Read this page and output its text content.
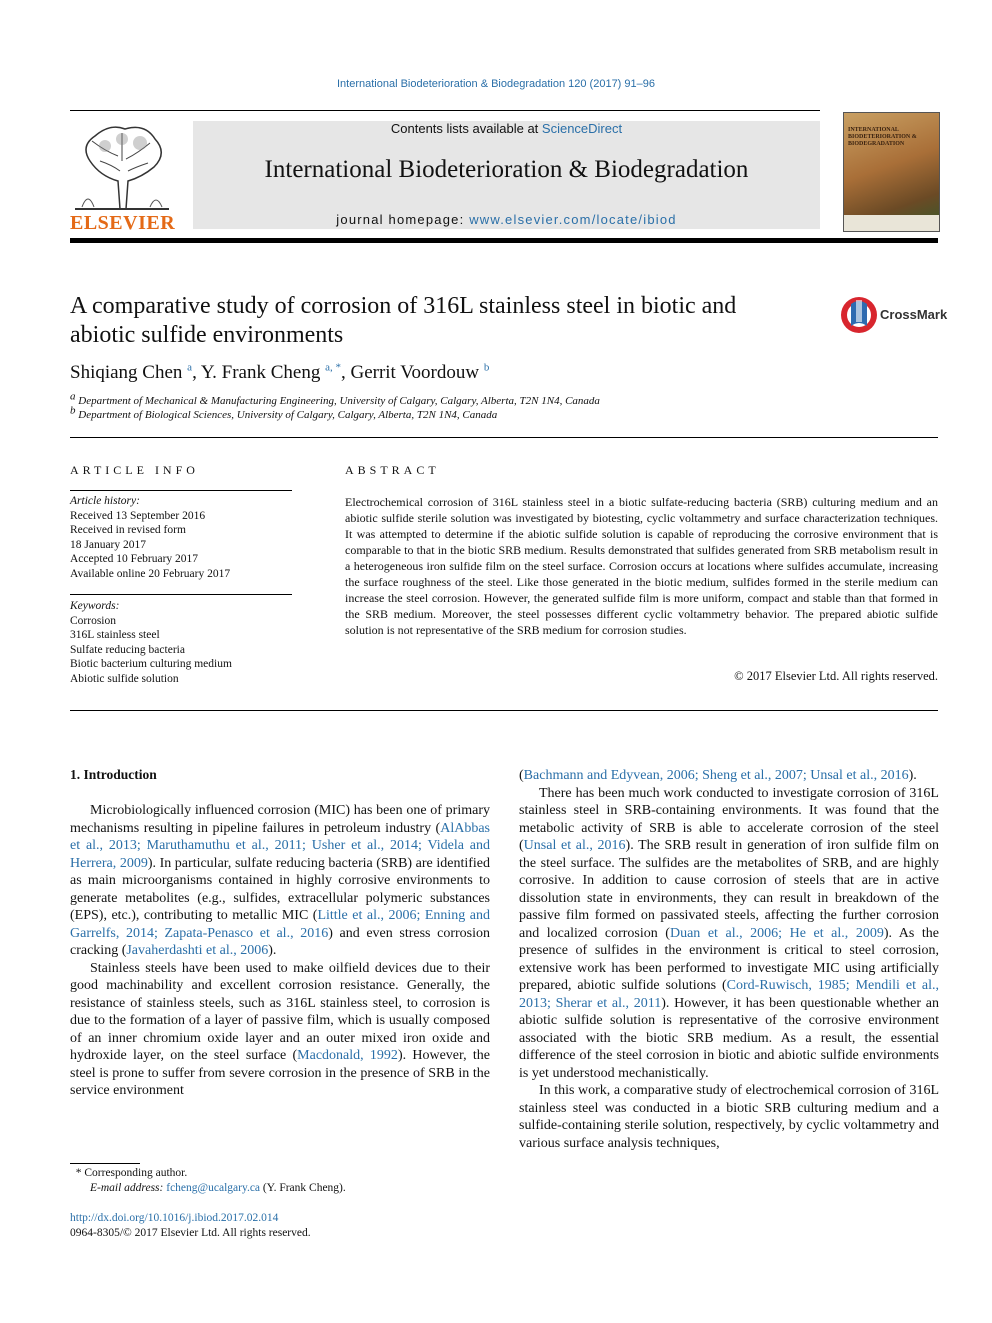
International Biodeterioration & Biodegradation 120 (2017) 91–96
ELSEVIER
Contents lists available at ScienceDirect
International Biodeterioration & Biodegradation
journal homepage: www.elsevier.com/locate/ibiod
INTERNATIONAL BIODETERIORATION & BIODEGRADATION
A comparative study of corrosion of 316L stainless steel in biotic and
abiotic sulfide environments
CrossMark
Shiqiang Chen $^a$, Y. Frank Cheng $^{a, *}$, Gerrit Voordouw $^b$
$^a$ Department of Mechanical & Manufacturing Engineering, University of Calgary, Calgary, Alberta, T2N 1N4, Canada
$^b$ Department of Biological Sciences, University of Calgary, Calgary, Alberta, T2N 1N4, Canada
ARTICLE INFO
Article history:
Received 13 September 2016
Received in revised form
18 January 2017
Accepted 10 February 2017
Available online 20 February 2017
Keywords:
Corrosion
316L stainless steel
Sulfate reducing bacteria
Biotic bacterium culturing medium
Abiotic sulfide solution
ABSTRACT
Electrochemical corrosion of 316L stainless steel in a biotic sulfate-reducing bacteria (SRB) culturing medium and an abiotic sulfide sterile solution was investigated by biotesting, cyclic voltammetry and surface characterization techniques. It was attempted to determine if the abiotic sulfide solution is capable of reproducing the corrosive environment that is comparable to that in the biotic SRB medium. Results demonstrated that sulfides generated from SRB metabolism result in a heterogeneous iron sulfide film on the steel surface. Corrosion occurs at locations where sulfides accumulate, increasing the surface roughness of the steel. Like those generated in the biotic medium, sulfides formed in the sterile medium can increase the steel corrosion. However, the generated sulfide film is more uniform, compact and stable than that formed in the SRB medium. Moreover, the steel possesses different cyclic voltammetry behavior. The prepared abiotic sulfide solution is not representative of the SRB medium for corrosion studies.
© 2017 Elsevier Ltd. All rights reserved.
1. Introduction

Microbiologically influenced corrosion (MIC) has been one of primary mechanisms resulting in pipeline failures in petroleum industry (AlAbbas et al., 2013; Maruthamuthu et al., 2011; Usher et al., 2014; Videla and Herrera, 2009). In particular, sulfate reducing bacteria (SRB) are identified as main microorganisms contained in highly corrosive environments to generate metabolites (e.g., sulfides, extracellular polymeric substances (EPS), etc.), contributing to metallic MIC (Little et al., 2006; Enning and Garrelfs, 2014; Zapata-Penasco et al., 2016) and even stress corrosion cracking (Javaherdashti et al., 2006).

Stainless steels have been used to make oilfield devices due to their good machinability and excellent corrosion resistance. Generally, the resistance of stainless steels, such as 316L stainless steel, to corrosion is due to the formation of a layer of passive film, which is usually composed of an inner chromium oxide layer and an outer mixed iron oxide and hydroxide layer, on the steel surface (Macdonald, 1992). However, the steel is prone to suffer from severe corrosion in the presence of SRB in the service environment

(Bachmann and Edyvean, 2006; Sheng et al., 2007; Unsal et al., 2016).

There has been much work conducted to investigate corrosion of 316L stainless steel in SRB-containing environments. It was found that the metabolic activity of SRB is able to accelerate corrosion of the steel (Unsal et al., 2016). The SRB result in generation of iron sulfide film on the steel surface. The sulfides are the metabolites of SRB, and are highly corrosive. In addition to cause corrosion of steels that are in active dissolution state in environments, they can result in breakdown of the passive film formed on passivated steels, affecting the further corrosion and localized corrosion (Duan et al., 2006; He et al., 2009). As the presence of sulfides in the environment is critical to steel corrosion, extensive work has been performed to investigate MIC using artificially prepared, abiotic sulfide solutions (Cord-Ruwisch, 1985; Mendili et al., 2013; Sherar et al., 2011). However, it has been questionable whether an abiotic sulfide solution is representative of the corrosive environment associated with the biotic SRB medium. As a result, the essential difference of the steel corrosion in biotic and abiotic sulfide environments is yet understood mechanistically.

In this work, a comparative study of electrochemical corrosion of 316L stainless steel was conducted in a biotic SRB culturing medium and a sulfide-containing sterile solution, respectively, by cyclic voltammetry and various surface analysis techniques,

* Corresponding author.
E-mail address: fcheng@ucalgary.ca (Y. Frank Cheng).
http://dx.doi.org/10.1016/j.ibiod.2017.02.014
0964-8305/© 2017 Elsevier Ltd. All rights reserved.
